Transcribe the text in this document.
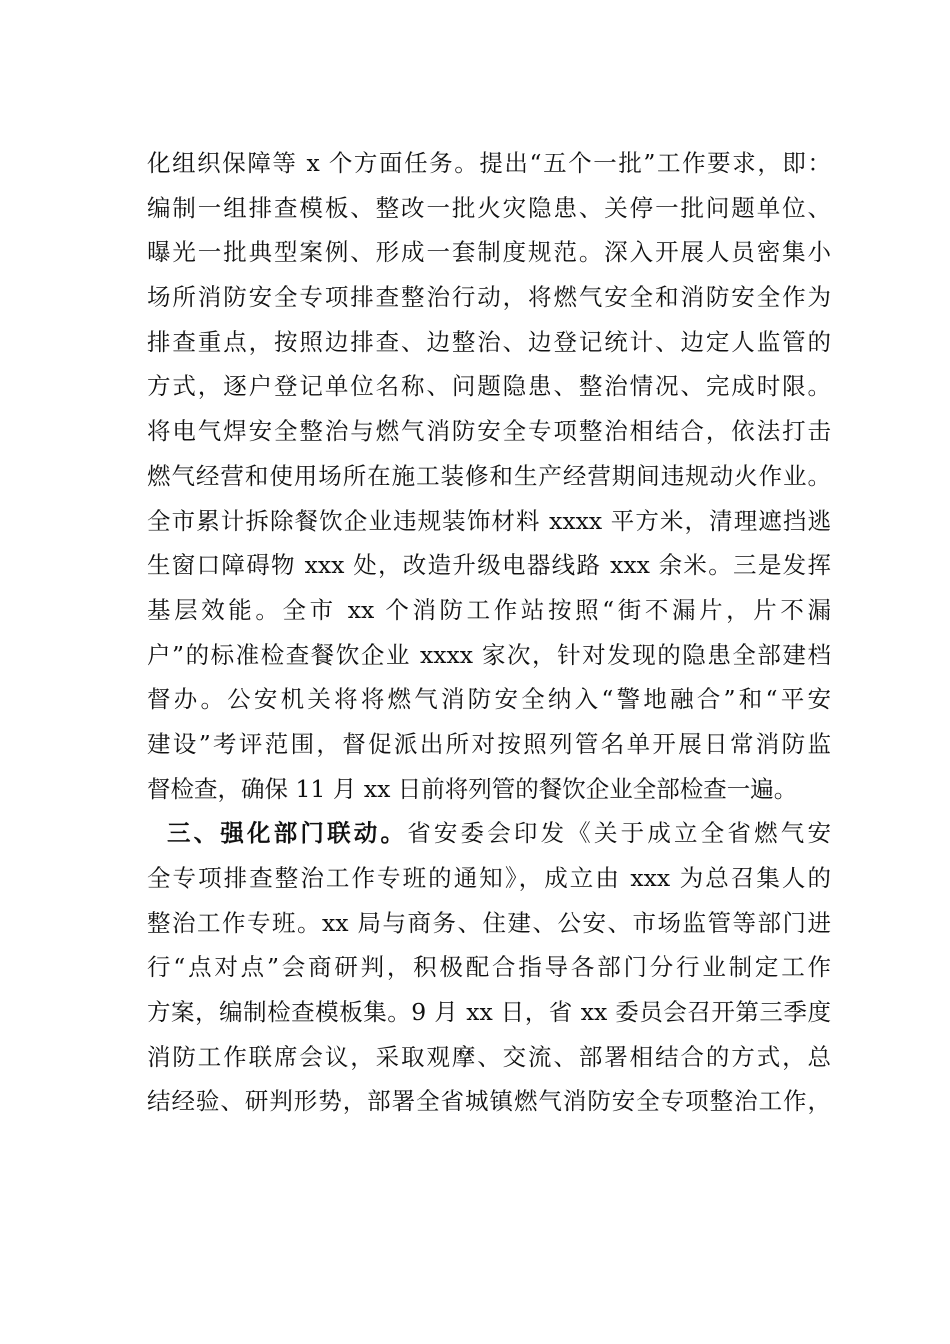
化组织保障等 x 个方面任务。提出“五个一批”工作要求，即：
编制一组排查模板、整改一批火灾隐患、关停一批问题单位、
曝光一批典型案例、形成一套制度规范。深入开展人员密集小
场所消防安全专项排查整治行动，将燃气安全和消防安全作为
排查重点，按照边排查、边整治、边登记统计、边定人监管的
方式，逐户登记单位名称、问题隐患、整治情况、完成时限。
将电气焊安全整治与燃气消防安全专项整治相结合，依法打击
燃气经营和使用场所在施工装修和生产经营期间违规动火作业。
全市累计拆除餐饮企业违规装饰材料 xxxx 平方米，清理遮挡逃
生窗口障碍物 xxx 处，改造升级电器线路 xxx 余米。三是发挥
基层效能。全市 xx 个消防工作站按照“街不漏片，片不漏
户”的标准检查餐饮企业 xxxx 家次，针对发现的隐患全部建档
督办。公安机关将将燃气消防安全纳入“警地融合”和“平安
建设”考评范围，督促派出所对按照列管名单开展日常消防监
督检查，确保 11 月 xx 日前将列管的餐饮企业全部检查一遍。
三、强化部门联动。省安委会印发《关于成立全省燃气安
全专项排查整治工作专班的通知》，成立由 xxx 为总召集人的
整治工作专班。xx 局与商务、住建、公安、市场监管等部门进
行“点对点”会商研判，积极配合指导各部门分行业制定工作
方案，编制检查模板集。9 月 xx 日，省 xx 委员会召开第三季度
消防工作联席会议，采取观摩、交流、部署相结合的方式，总
结经验、研判形势，部署全省城镇燃气消防安全专项整治工作，
